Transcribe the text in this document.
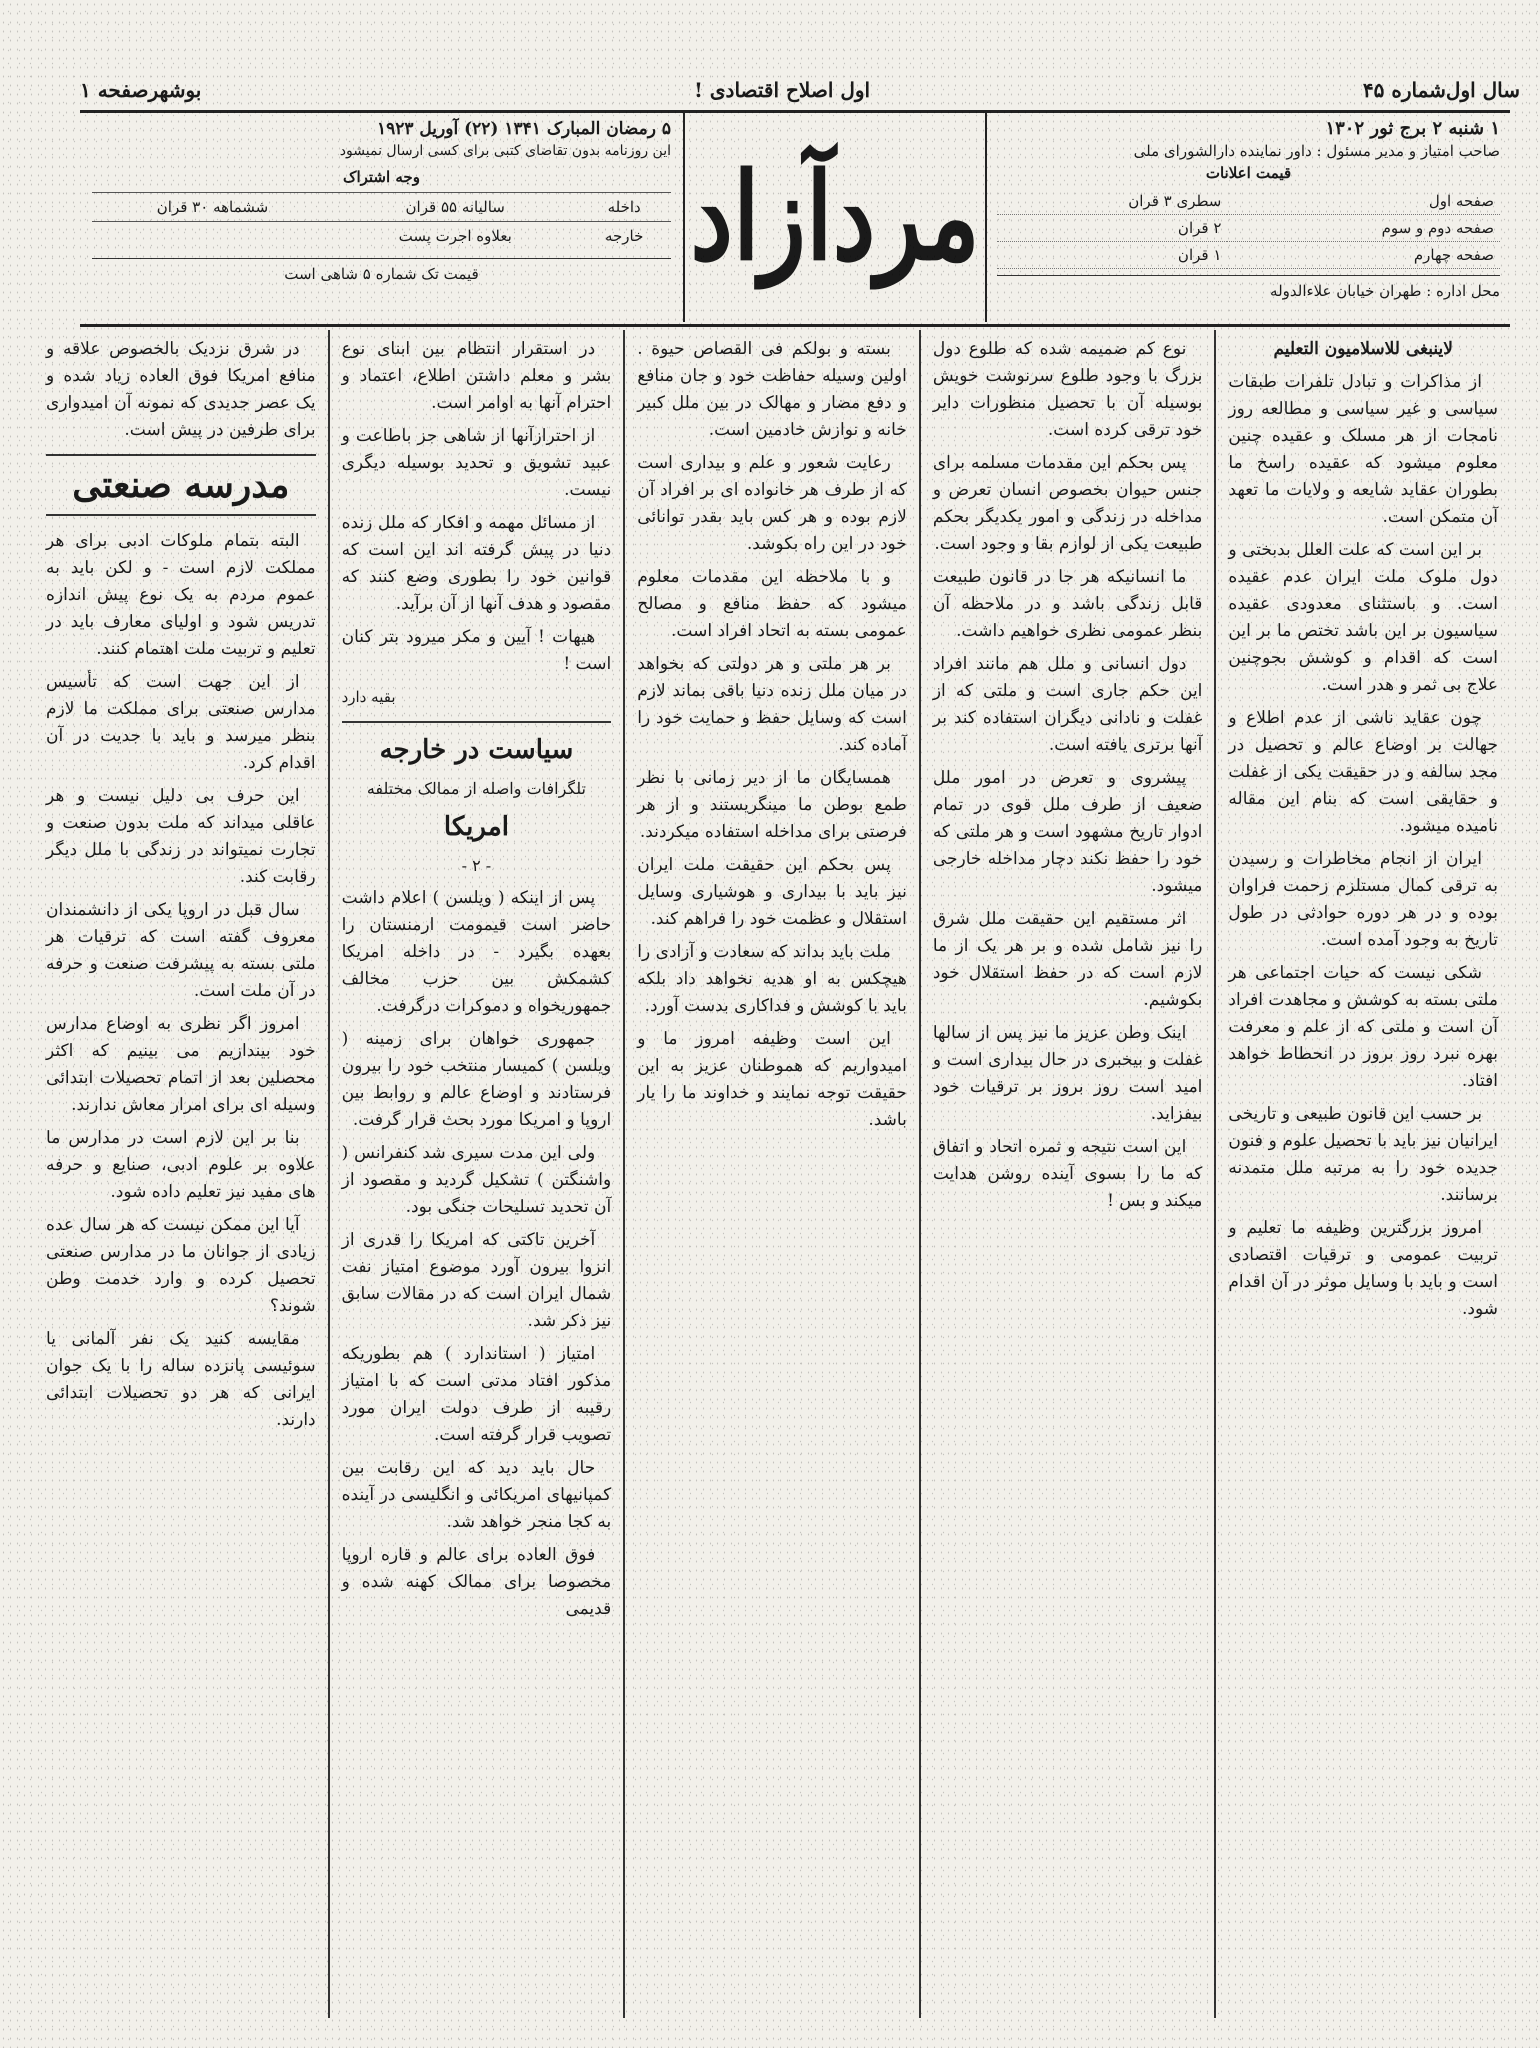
سال اول
شماره ۴۵
اول اصلاح اقتصادی !
بوشهر
صفحه ۱
۱ شنبه ۲ برج ثور ۱۳۰۲
صاحب امتیاز و مدیر مسئول : داور نماینده دارالشورای ملی
قیمت اعلانات
صفحه اول	سطری ۳ قران
صفحه دوم و سوم	۲ قران
صفحه چهارم	۱ قران
محل اداره : طهران خیابان علاءالدوله
مردآزاد
۵ رمضان المبارک ۱۳۴۱ (۲۲) آوریل ۱۹۲۳
این روزنامه بدون تقاضای کتبی برای کسی ارسال نمیشود
وجه اشتراک
داخله	سالیانه ۵۵ قران	ششماهه ۳۰ قران
خارجه	بعلاوه اجرت پست	
قیمت تک شماره ۵ شاهی است

لاینبغی للاسلامیون التعلیم

از مذاکرات و تبادل تلفرات طبقات سیاسی و غیر سیاسی و مطالعه روز نامجات از هر مسلک و عقیده چنین معلوم میشود که عقیده راسخ ما بطوران عقاید شایعه و ولایات ما تعهد آن متمکن است.

بر این است که علت العلل بدبختی و دول ملوک ملت ایران عدم عقیده است. و باستثنای معدودی عقیده سیاسیون بر این باشد تختص ما بر این است که اقدام و کوشش بجوچنین علاج بی ثمر و هدر است.

چون عقاید ناشی از عدم اطلاع و جهالت بر اوضاع عالم و تحصیل در مجد سالفه و در حقیقت یکی از غفلت و حقایقی است که بنام این مقاله نامیده میشود.

ایران از انجام مخاطرات و رسیدن به ترقی کمال مستلزم زحمت فراوان بوده و در هر دوره حوادثی در طول تاریخ به وجود آمده است.

شکی نیست که حیات اجتماعی هر ملتی بسته به کوشش و مجاهدت افراد آن است و ملتی که از علم و معرفت بهره نبرد روز بروز در انحطاط خواهد افتاد.

بر حسب این قانون طبیعی و تاریخی ایرانیان نیز باید با تحصیل علوم و فنون جدیده خود را به مرتبه ملل متمدنه برسانند.

امروز بزرگترین وظیفه ما تعلیم و تربیت عمومی و ترقیات اقتصادی است و باید با وسایل موثر در آن اقدام شود.

نوع کم ضمیمه شده که طلوع دول بزرگ با وجود طلوع سرنوشت خویش بوسیله آن با تحصیل منظورات دایر خود ترقی کرده است.

پس بحکم این مقدمات مسلمه برای جنس حیوان بخصوص انسان تعرض و مداخله در زندگی و امور یکدیگر بحکم طبیعت یکی از لوازم بقا و وجود است.

ما انسانیکه هر جا در قانون طبیعت قابل زندگی باشد و در ملاحظه آن بنظر عمومی نظری خواهیم داشت.

دول انسانی و ملل هم مانند افراد این حکم جاری است و ملتی که از غفلت و نادانی دیگران استفاده کند بر آنها برتری یافته است.

پیشروی و تعرض در امور ملل ضعیف از طرف ملل قوی در تمام ادوار تاریخ مشهود است و هر ملتی که خود را حفظ نکند دچار مداخله خارجی میشود.

اثر مستقیم این حقیقت ملل شرق را نیز شامل شده و بر هر یک از ما لازم است که در حفظ استقلال خود بکوشیم.

اینک وطن عزیز ما نیز پس از سالها غفلت و بیخبری در حال بیداری است و امید است روز بروز بر ترقیات خود بیفزاید.

این است نتیجه و ثمره اتحاد و اتفاق که ما را بسوی آینده روشن هدایت میکند و بس !

بسته و بولکم فی القصاص حیوة . اولین وسیله حفاظت خود و جان منافع و دفع مضار و مهالک در بین ملل کبیر خانه و نوازش خادمین است.

رعایت شعور و علم و بیداری است که از طرف هر خانواده ای بر افراد آن لازم بوده و هر کس باید بقدر توانائی خود در این راه بکوشد.

و با ملاحظه این مقدمات معلوم میشود که حفظ منافع و مصالح عمومی بسته به اتحاد افراد است.

بر هر ملتی و هر دولتی که بخواهد در میان ملل زنده دنیا باقی بماند لازم است که وسایل حفظ و حمایت خود را آماده کند.

همسایگان ما از دیر زمانی با نظر طمع بوطن ما مینگریستند و از هر فرصتی برای مداخله استفاده میکردند.

پس بحکم این حقیقت ملت ایران نیز باید با بیداری و هوشیاری وسایل استقلال و عظمت خود را فراهم کند.

ملت باید بداند که سعادت و آزادی را هیچکس به او هدیه نخواهد داد بلکه باید با کوشش و فداکاری بدست آورد.

این است وظیفه امروز ما و امیدواریم که هموطنان عزیز به این حقیقت توجه نمایند و خداوند ما را یار باشد.

در استقرار انتظام بین ابنای نوع بشر و معلم داشتن اطلاع، اعتماد و احترام آنها به اوامر است.

از احترازآنها از شاهی جز باطاعت و عبید تشویق و تحدید بوسیله دیگری نیست.

از مسائل مهمه و افکار که ملل زنده دنیا در پیش گرفته اند این است که قوانین خود را بطوری وضع کنند که مقصود و هدف آنها از آن برآید.

هیهات ! آیین و مکر میرود بتر کنان است !

بقیه دارد
سیاست در خارجه
تلگرافات واصله از ممالک مختلفه
امریکا
- ۲ -

پس از اینکه ( ویلسن ) اعلام داشت حاضر است قیمومت ارمنستان را بعهده بگیرد - در داخله امریکا کشمکش بین حزب مخالف جمهوریخواه و دموکرات درگرفت.

جمهوری خواهان برای زمینه ( ویلسن ) کمیسار منتخب خود را بیرون فرستادند و اوضاع عالم و روابط بین اروپا و امریکا مورد بحث قرار گرفت.

ولی این مدت سیری شد کنفرانس ( واشنگتن ) تشکیل گردید و مقصود از آن تحدید تسلیحات جنگی بود.

آخرین تاکتی که امریکا را قدری از انزوا بیرون آورد موضوع امتیاز نفت شمال ایران است که در مقالات سابق نیز ذکر شد.

امتیاز ( استاندارد ) هم بطوریکه مذکور افتاد مدتی است که با امتیاز رقیبه از طرف دولت ایران مورد تصویب قرار گرفته است.

حال باید دید که این رقابت بین کمپانیهای امریکائی و انگلیسی در آینده به کجا منجر خواهد شد.

فوق العاده برای عالم و قاره اروپا مخصوصا برای ممالک کهنه شده و قدیمی

در شرق نزدیک بالخصوص علاقه و منافع امریکا فوق العاده زیاد شده و یک عصر جدیدی که نمونه آن امیدواری برای طرفین در پیش است.

مدرسه صنعتی

البته بتمام ملوکات ادبی برای هر مملکت لازم است - و لکن باید به عموم مردم به یک نوع پیش اندازه تدریس شود و اولیای معارف باید در تعلیم و تربیت ملت اهتمام کنند.

از این جهت است که تأسیس مدارس صنعتی برای مملکت ما لازم بنظر میرسد و باید با جدیت در آن اقدام کرد.

این حرف بی دلیل نیست و هر عاقلی میداند که ملت بدون صنعت و تجارت نمیتواند در زندگی با ملل دیگر رقابت کند.

سال قبل در اروپا یکی از دانشمندان معروف گفته است که ترقیات هر ملتی بسته به پیشرفت صنعت و حرفه در آن ملت است.

امروز اگر نظری به اوضاع مدارس خود بیندازیم می بینیم که اکثر محصلین بعد از اتمام تحصیلات ابتدائی وسیله ای برای امرار معاش ندارند.

بنا بر این لازم است در مدارس ما علاوه بر علوم ادبی، صنایع و حرفه های مفید نیز تعلیم داده شود.

آیا این ممکن نیست که هر سال عده زیادی از جوانان ما در مدارس صنعتی تحصیل کرده و وارد خدمت وطن شوند؟

مقایسه کنید یک نفر آلمانی یا سوئیسی پانزده ساله را با یک جوان ایرانی که هر دو تحصیلات ابتدائی دارند.
